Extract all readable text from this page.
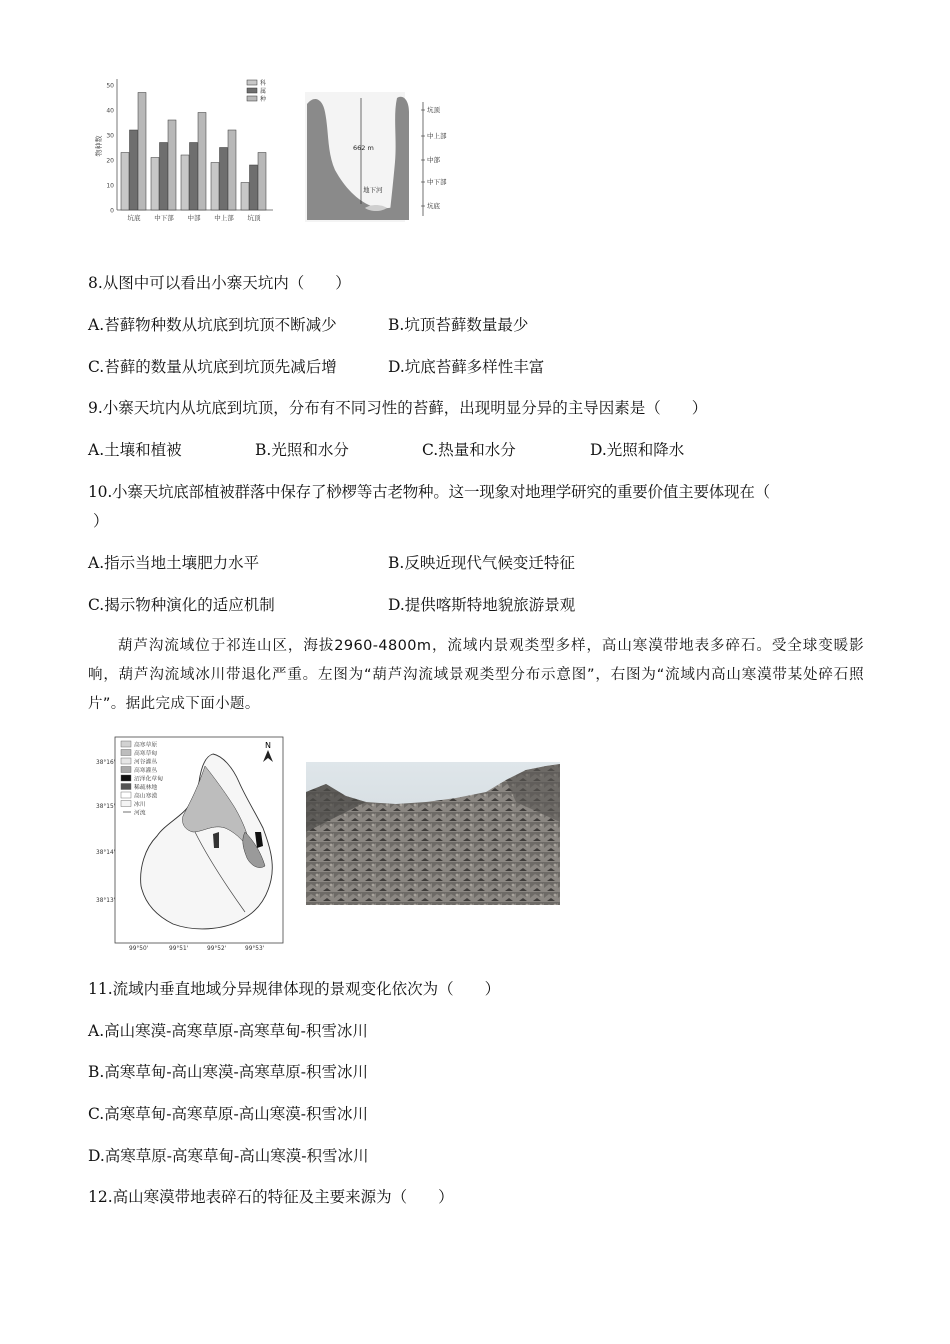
0
10
20
30
40
50
物种数
坑底 中下部 中部 中上部 坑顶
科
属
种
662 m
地下河
坑顶
中上部
中部
中下部
坑底
8.从图中可以看出小寨天坑内（　　）
A.苔藓物种数从坑底到坑顶不断减少	B.坑顶苔藓数量最少
C.苔藓的数量从坑底到坑顶先减后增	D.坑底苔藓多样性丰富
9.小寨天坑内从坑底到坑顶，分布有不同习性的苔藓，出现明显分异的主导因素是（　　）
A.土壤和植被	B.光照和水分	C.热量和水分	D.光照和降水
10.小寨天坑底部植被群落中保存了桫椤等古老物种。这一现象对地理学研究的重要价值主要体现在（
）
A.指示当地土壤肥力水平	B.反映近现代气候变迁特征
C.揭示物种演化的适应机制	D.提供喀斯特地貌旅游景观
葫芦沟流域位于祁连山区，海拔2960-4800m，流域内景观类型多样，高山寒漠带地表多碎石。受全球变暖影响，葫芦沟流域冰川带退化严重。左图为“葫芦沟流域景观类型分布示意图”，右图为“流域内高山寒漠带某处碎石照片”。据此完成下面小题。
高寒草原
高寒草甸
河谷灌丛
高寒灌丛
沼泽化草甸
稀疏林地
高山寒漠
冰川
河流
N
38°16'
38°15'
38°14'
38°13'
99°50'	99°51'	99°52'	99°53'
11.流域内垂直地域分异规律体现的景观变化依次为（　　）
A.高山寒漠-高寒草原-高寒草甸-积雪冰川
B.高寒草甸-高山寒漠-高寒草原-积雪冰川
C.高寒草甸-高寒草原-高山寒漠-积雪冰川
D.高寒草原-高寒草甸-高山寒漠-积雪冰川
12.高山寒漠带地表碎石的特征及主要来源为（　　）
